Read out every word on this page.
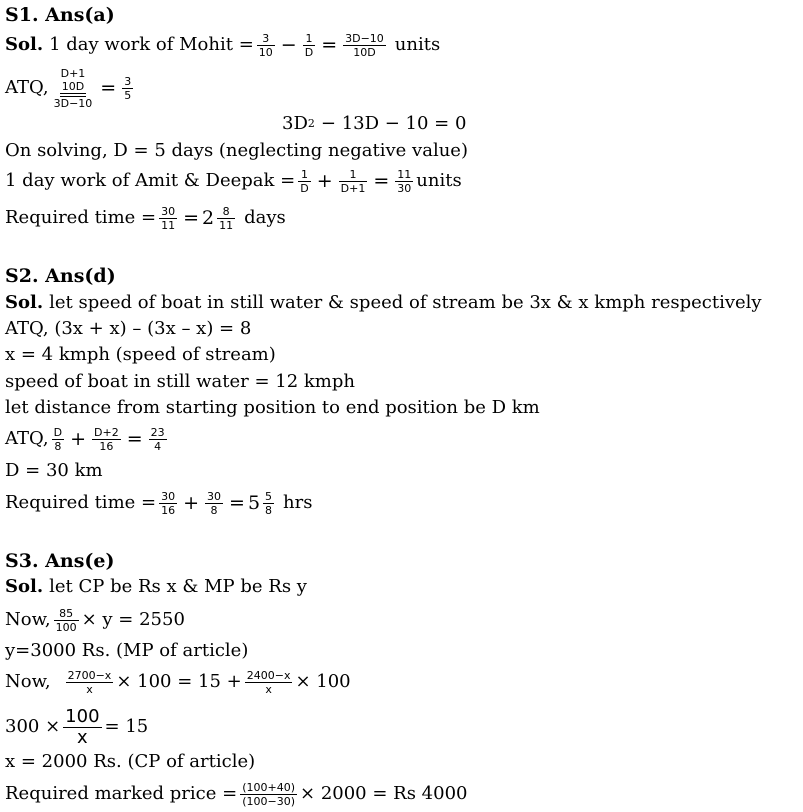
S1. Ans(a)
Sol. 1 day work of Mohit = $\frac{3}{10} - \frac{1}{D} = \frac{3D-10}{10D}$ units
ATQ,
D+1
10D
3D−10
= $\frac{3}{5}$
3D 2 − 13D − 10 = 0
On solving, D = 5 days (neglecting negative value)
1 day work of Amit & Deepak = $\frac{1}{D} + \frac{1}{D+1} = \frac{11}{30}$ units
Required time = $\frac{30}{11} = 2 \frac{8}{11}$ days
S2. Ans(d)
Sol. let speed of boat in still water & speed of stream be 3x & x kmph respectively
ATQ, (3x + x) – (3x – x) = 8
x = 4 kmph (speed of stream)
speed of boat in still water = 12 kmph
let distance from starting position to end position be D km
ATQ, $\frac{D}{8} + \frac{D+2}{16} = \frac{23}{4}$
D = 30 km
Required time = $\frac{30}{16} + \frac{30}{8} = 5 \frac{5}{8}$ hrs
S3. Ans(e)
Sol. let CP be Rs x & MP be Rs y
Now, $\frac{85}{100} \times y = 2550$
y=3000 Rs. (MP of article)
Now, $\frac{2700-x}{x} \times 100 = 15 + \frac{2400-x}{x} \times 100$
$300 \times \frac{100}{x} = 15$
x = 2000 Rs. (CP of article)
Required marked price = $\frac{(100+40)}{(100-30)} \times 2000 = Rs$ 4000
